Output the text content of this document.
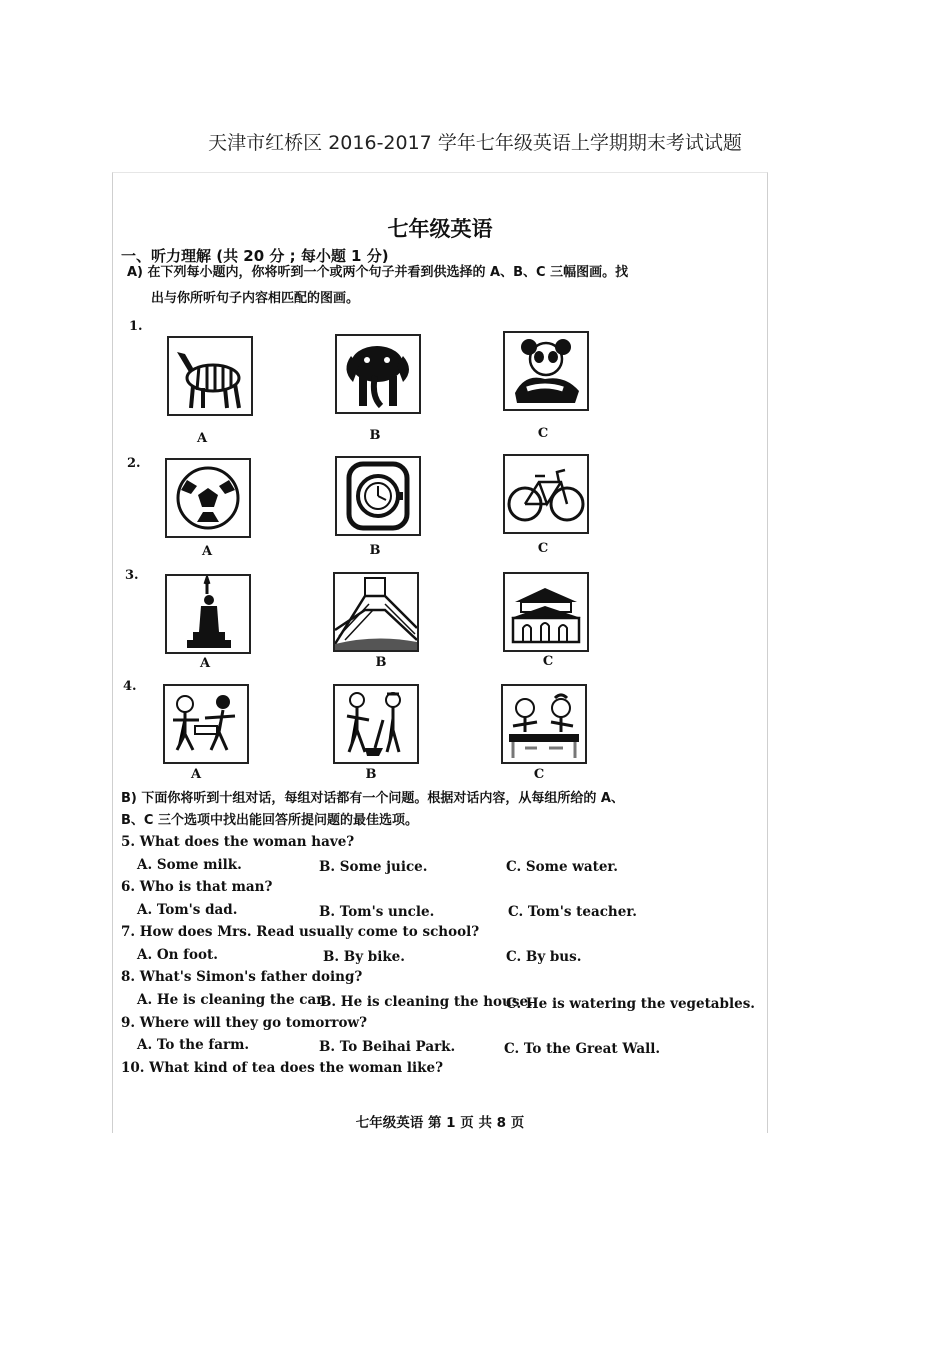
天津市红桥区 2016-2017 学年七年级英语上学期期末考试试题
七年级英语
一、听力理解 (共 20 分 ; 每小题 1 分)
A) 在下列每小题内，你将听到一个或两个句子并看到供选择的 A、B、C 三幅图画。找
出与你所听句子内容相匹配的图画。
1.
A	B	C
2.
A	B	C
3.
A	B	C
4.
A	B	C
B) 下面你将听到十组对话，每组对话都有一个问题。根据对话内容，从每组所给的 A、
B、C 三个选项中找出能回答所提问题的最佳选项。
5. What does the woman have?
A. Some milk.	B. Some juice.	C. Some water.
6. Who is that man?
A. Tom's dad.	B. Tom's uncle.	C. Tom's teacher.
7. How does Mrs. Read usually come to school?
A. On foot.	B. By bike.	C. By bus.
8. What's Simon's father doing?
A. He is cleaning the car.
B. He is cleaning the house.
C. He is watering the vegetables.
9. Where will they go tomorrow?
A. To the farm.	B. To Beihai Park.	C. To the Great Wall.
10. What kind of tea does the woman like?
七年级英语 第 1 页 共 8 页
